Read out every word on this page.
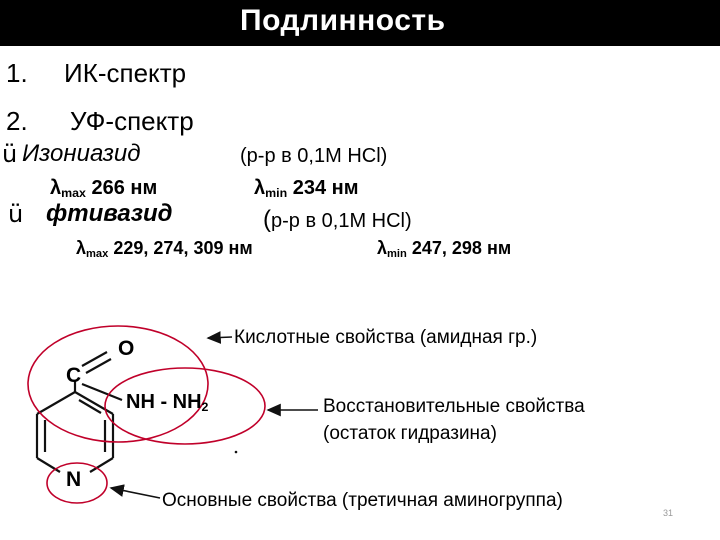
Подлинность
1. ИК-спектр
2. УФ-спектр
ü Изониазид	(р-р в 0,1М HCl)
$\lambda_{max}$ 266 нм	$\lambda_{min}$ 234 нм
ü фтивазид	(р-р в 0,1М HCl)
$\lambda_{max}$ 229, 274, 309 нм	$\lambda_{min}$ 247, 298 нм
O
C
NH - $NH_2$
N
Кислотные свойства (амидная гр.)
Восстановительные свойства
(остаток гидразина)
Основные свойства (третичная аминогруппа)
31
